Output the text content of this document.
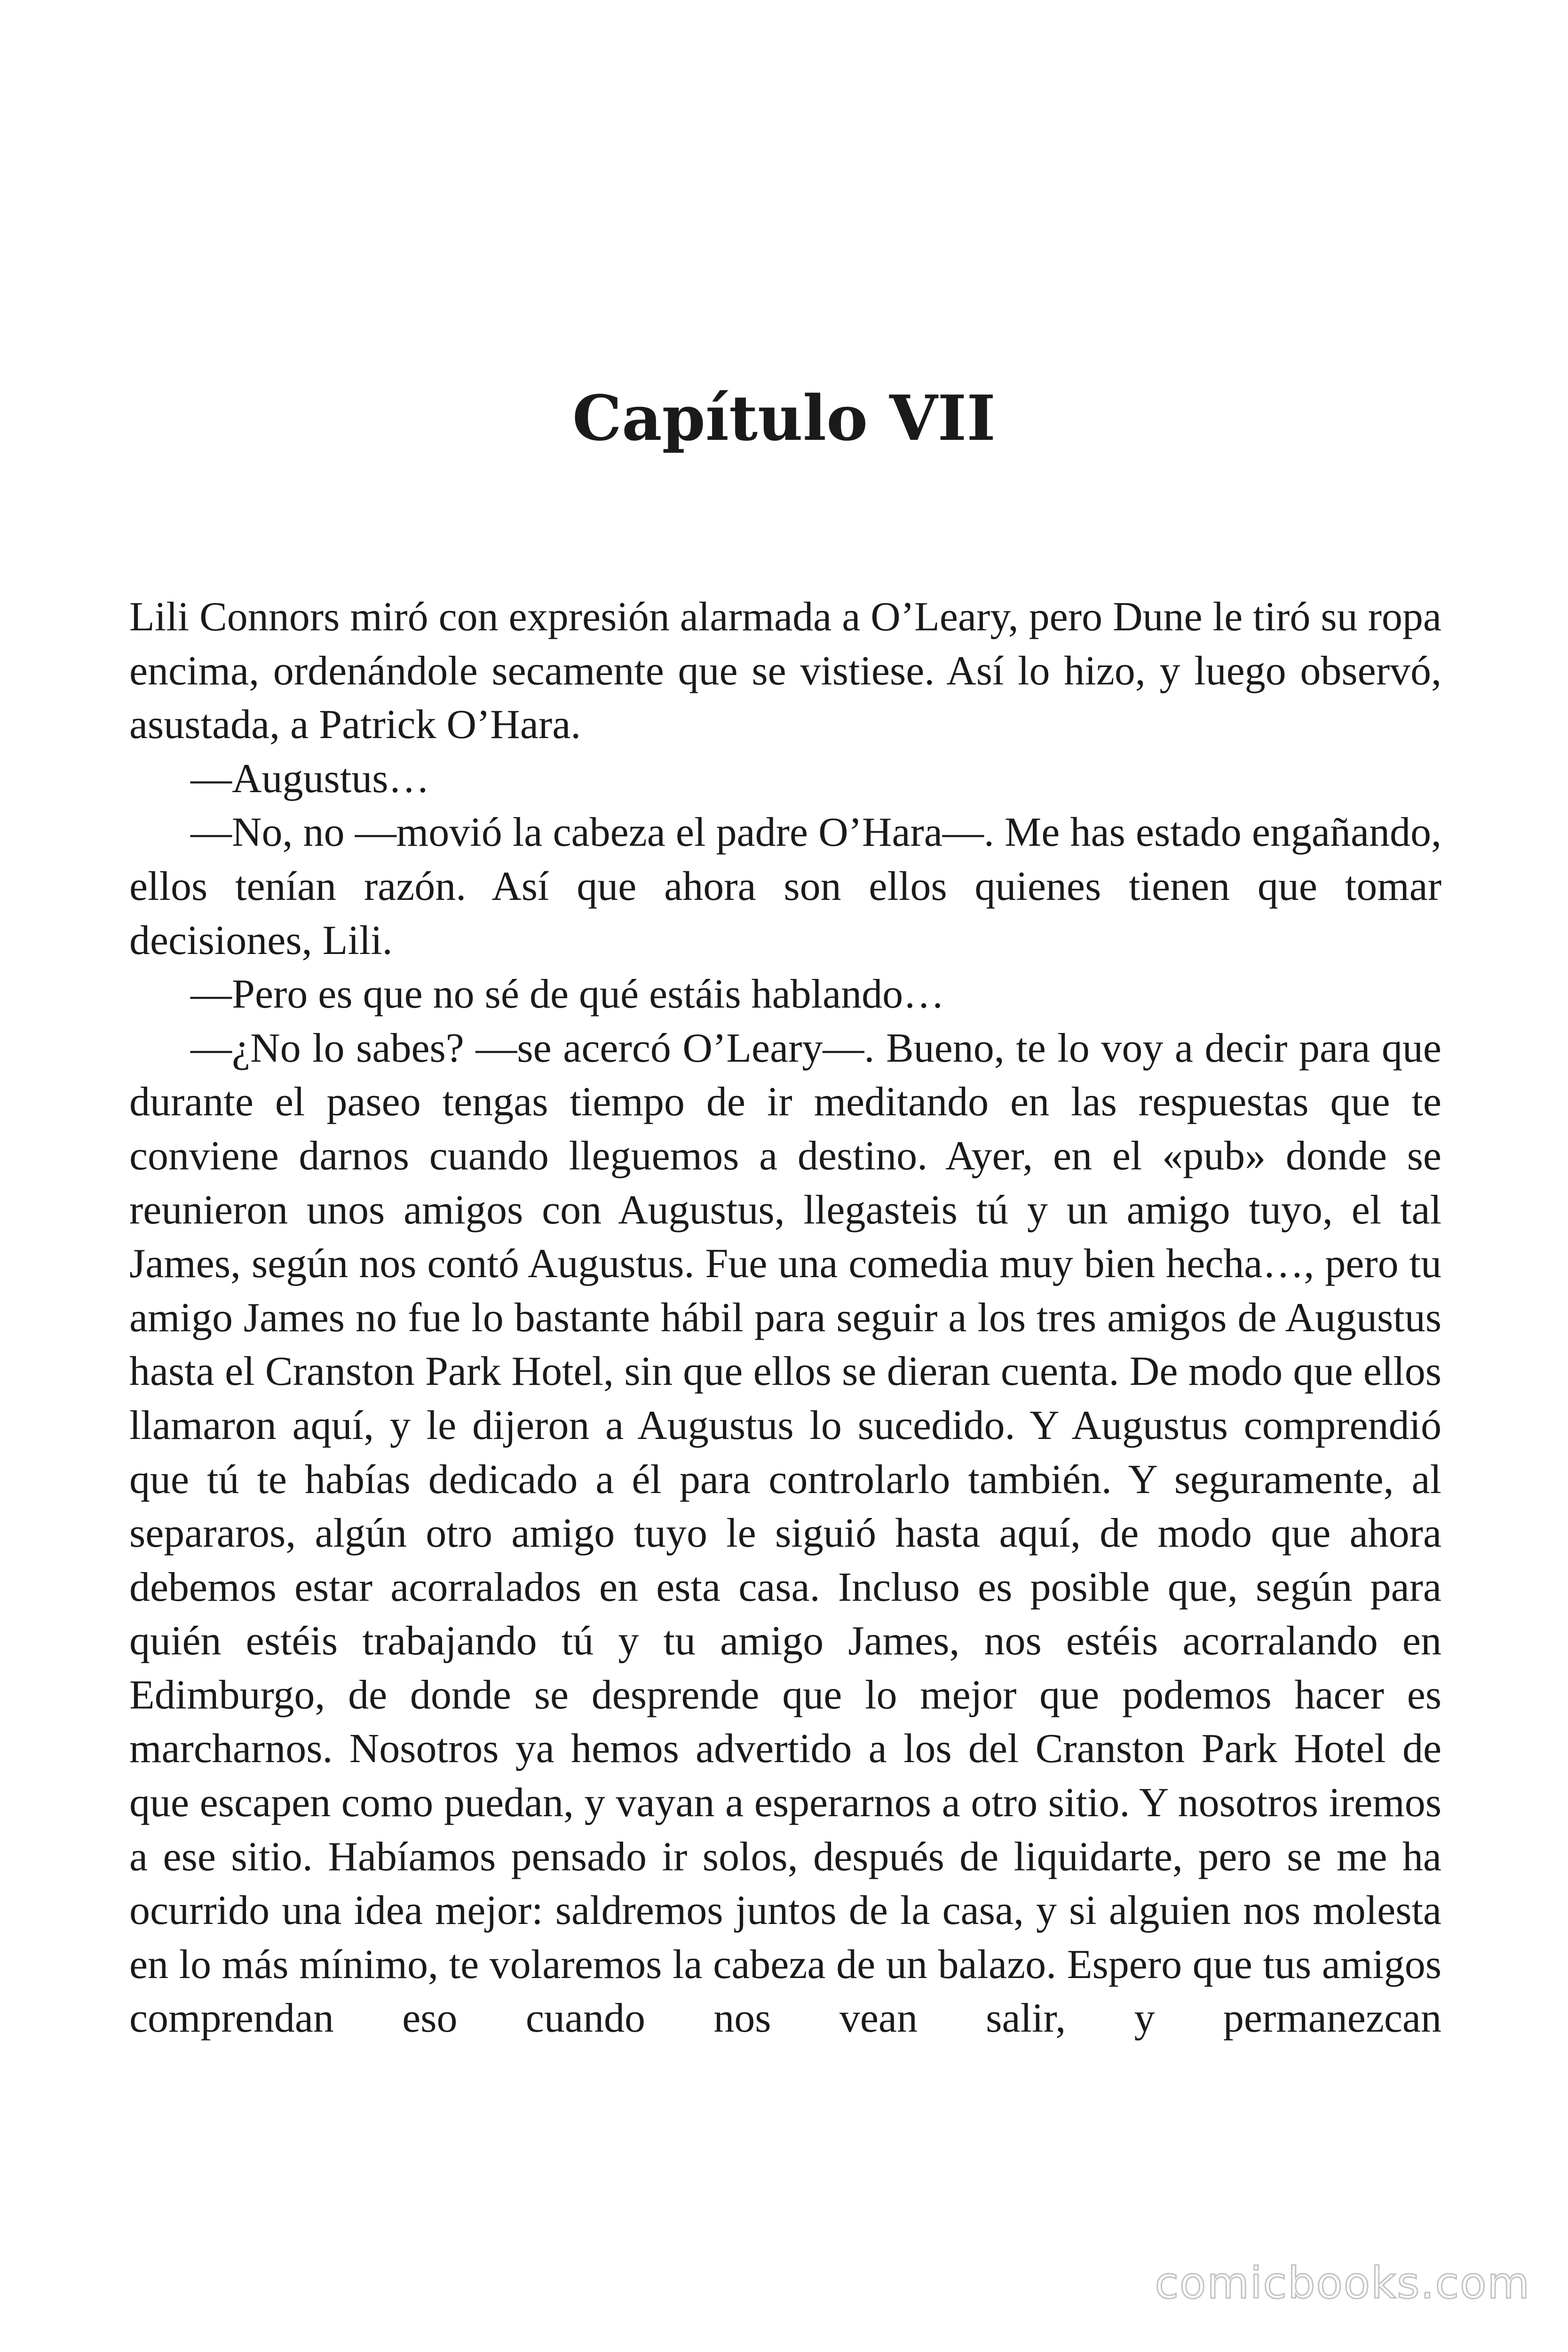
Capítulo VII

Lili Connors miró con expresión alarmada a O’Leary, pero Dune le tiró su ropa encima, ordenándole secamente que se vistiese. Así lo hizo, y luego observó, asustada, a Patrick O’Hara.

—Augustus…

—No, no —movió la cabeza el padre O’Hara—. Me has estado engañando, ellos tenían razón. Así que ahora son ellos quienes tienen que tomar decisiones, Lili.

—Pero es que no sé de qué estáis hablando…

—¿No lo sabes? —se acercó O’Leary—. Bueno, te lo voy a decir para que durante el paseo tengas tiempo de ir meditando en las respuestas que te conviene darnos cuando lleguemos a destino. Ayer, en el «pub» donde se reunieron unos amigos con Augustus, llegasteis tú y un amigo tuyo, el tal James, según nos contó Augustus. Fue una comedia muy bien hecha…, pero tu amigo James no fue lo bastante hábil para seguir a los tres amigos de Augustus hasta el Cranston Park Hotel, sin que ellos se dieran cuenta. De modo que ellos llamaron aquí, y le dijeron a Augustus lo sucedido. Y Augustus comprendió que tú te habías dedicado a él para controlarlo también. Y seguramente, al separaros, algún otro amigo tuyo le siguió hasta aquí, de modo que ahora debemos estar acorralados en esta casa. Incluso es posible que, según para quién estéis trabajando tú y tu amigo James, nos estéis acorralando en Edimburgo, de donde se desprende que lo mejor que podemos hacer es marcharnos. Nosotros ya hemos advertido a los del Cranston Park Hotel de que escapen como puedan, y vayan a esperarnos a otro sitio. Y nosotros iremos a ese sitio. Habíamos pensado ir solos, después de liquidarte, pero se me ha ocurrido una idea mejor: saldremos juntos de la casa, y si alguien nos molesta en lo más mínimo, te volaremos la cabeza de un balazo. Espero que tus amigos comprendan eso cuando nos vean salir, y permanezcan

comicbooks.com
